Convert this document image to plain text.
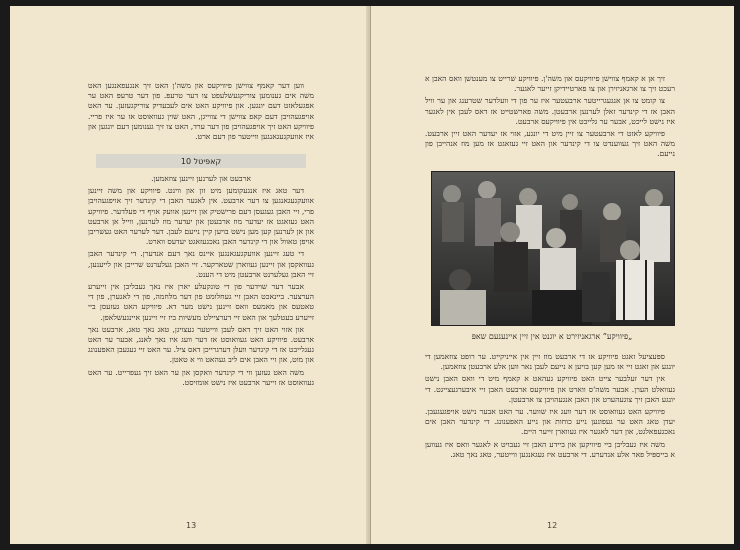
ווען דער קאמף צווישן פיוויקעס און משה'ן האט זיך אנגעפאנגען האט משה אים גענומען צוריקגעשלעפט צו דער טרעפּ. פון דער טרעפּ האט ער אפגעלאזט דעם יונגען. און פיוויקע האט אים לעבעדיק צוריקגעזען. ער האט אויפגעהויבן דעם קאפ צווישן די צווייגן, האט שוין געוואוסט אז ער איז פריי. פיוויקע האט זיך אויפגעהויבן פון דער ערד, האט צו זיך גענומען דעם יונגען און איז אוועקגעגאנגען ווייטער פון דעם ארט.

קאפּיטל 10

ארבעט און לערנען זיינען צוזאמען.

דער טאג איז אנגעקומען מיט זון און ווינט. פיוויקע און משה זיינען אוועקגעגאנגען צו דער ארבעט. אין לאגער האבן די קינדער זיך אויפגעהויבן פרי, זיי האבן געגעסן דעם פרישטיק און זיינען אוועק אויף די פעלדער. פיוויקע האט געזאגט אז יעדער מוז ארבעטן און יעדער מוז לערנען, ווייל אן ארבעט און אן לערנען קען מען נישט בויען קיין נייעם לעבן. דער לערער האט געשריבן אויפן טאוול און די קינדער האבן נאכגעזאגט יעדעס ווארט.

די טעג זיינען אוועקגעגאנגען איינס נאך דעם אנדערן. די קינדער האבן געוואקסן און זיינען געווארן שטארקער. זיי האבן געלערנט שרייבן און לייענען, זיי האבן געלערנט ארבעטן מיט די הענט.

אבער דער שוידער פון די טונקעלע יארן איז נאך געבליבן אין זייערע הערצער. ביינאכט האבן זיי געחלומט פון דער מלחמה, פון די לאגערן, פון די טאטעס און מאמעס וואס זיינען נישט מער דא. פיוויקע האט געזעסן ביי זייערע בעטלעך און האט זיי דערציילט מעשיות ביז זיי זיינען איינגעשלאפן.

און אזוי האט זיך דאס לעבן ווייטער געצויגן, טאג נאך טאג, ארבעט נאך ארבעט. פיוויקע האט געוואוסט אז דער וועג איז נאך לאנג, אבער ער האט געגלייבט אז די קינדער וועלן דערגרייכן דאס ציל. ער האט זיי געגעבן האפענונג און מוט, און זיי האבן אים ליב געהאט ווי א טאטן.

משה האט געזען ווי די קינדער וואקסן און ער האט זיך געפרייט. ער האט געוואוסט אז זייער ארבעט איז נישט אומזיסט.

13

זיך אן א קאמף צווישן פיוויקעס און משה'ן. פיוויקע שרייט צו מענטשן וואס האבן א רעכט זיך צו ארגאניזירן און צו פארטיידיקן זייער לאגער.

צו קומט צו אן אנגעגרייטער ארבעטער איז ער פון די וועלדער שטרענג און ער וויל האבן אז די קינדער זאלן לערנען ארבעטן. משה פארשטייט אז דאס לעבן אין לאגער איז נישט לייכט, אבער ער גלייבט אין פיוויקעס ארבעט.

פיוויקע לאזט די ארבעטער צו זיין מיט די יונגע, אזוי אז יעדער האט זיין ארבעט. משה האט זיך געווענדט צו די קינדער און האט זיי געזאגט אז מען מוז אנהייבן פון נייעם.

„פיוויקע” ארגאניזירט א יוגנט אין זיין איינענעם שאפּ

ספּעציעל זאגט פיוויקע אז די ארבעט מוז זיין אין אייניקייט. ער רופט צוזאמען די יונגע און זאגט זיי אז מען קען בויען א נייעם לעבן נאר ווען אלע ארבעטן צוזאמען.

אין דער זעלבער צייט האט פיוויקע געהאט א קאמף מיט די וואס האבן נישט געוואלט הערן. אבער משה'ס ווארט און פיוויקעס ארבעט האבן זיי איבערגעצייגט. די יונגע האבן זיך צוגעהערט און האבן אנגעהויבן צו ארבעטן.

פיוויקע האט געוואוסט אז דער וועג איז שווער. ער האט אבער נישט אויפגעגעבן. יעדן טאג האט ער געפונען נייע כוחות און נייע האפענונג. די קינדער האבן אים נאכגעפאלגט, און דער לאגער איז געווארן זייער היים.

משה איז געבליבן ביי פיוויקען און ביידע האבן זיי געבויט א לאגער וואס איז געווען א בייספּיל פאר אלע אנדערע. די ארבעט איז געגאנגען ווייטער, טאג נאך טאג.

12
